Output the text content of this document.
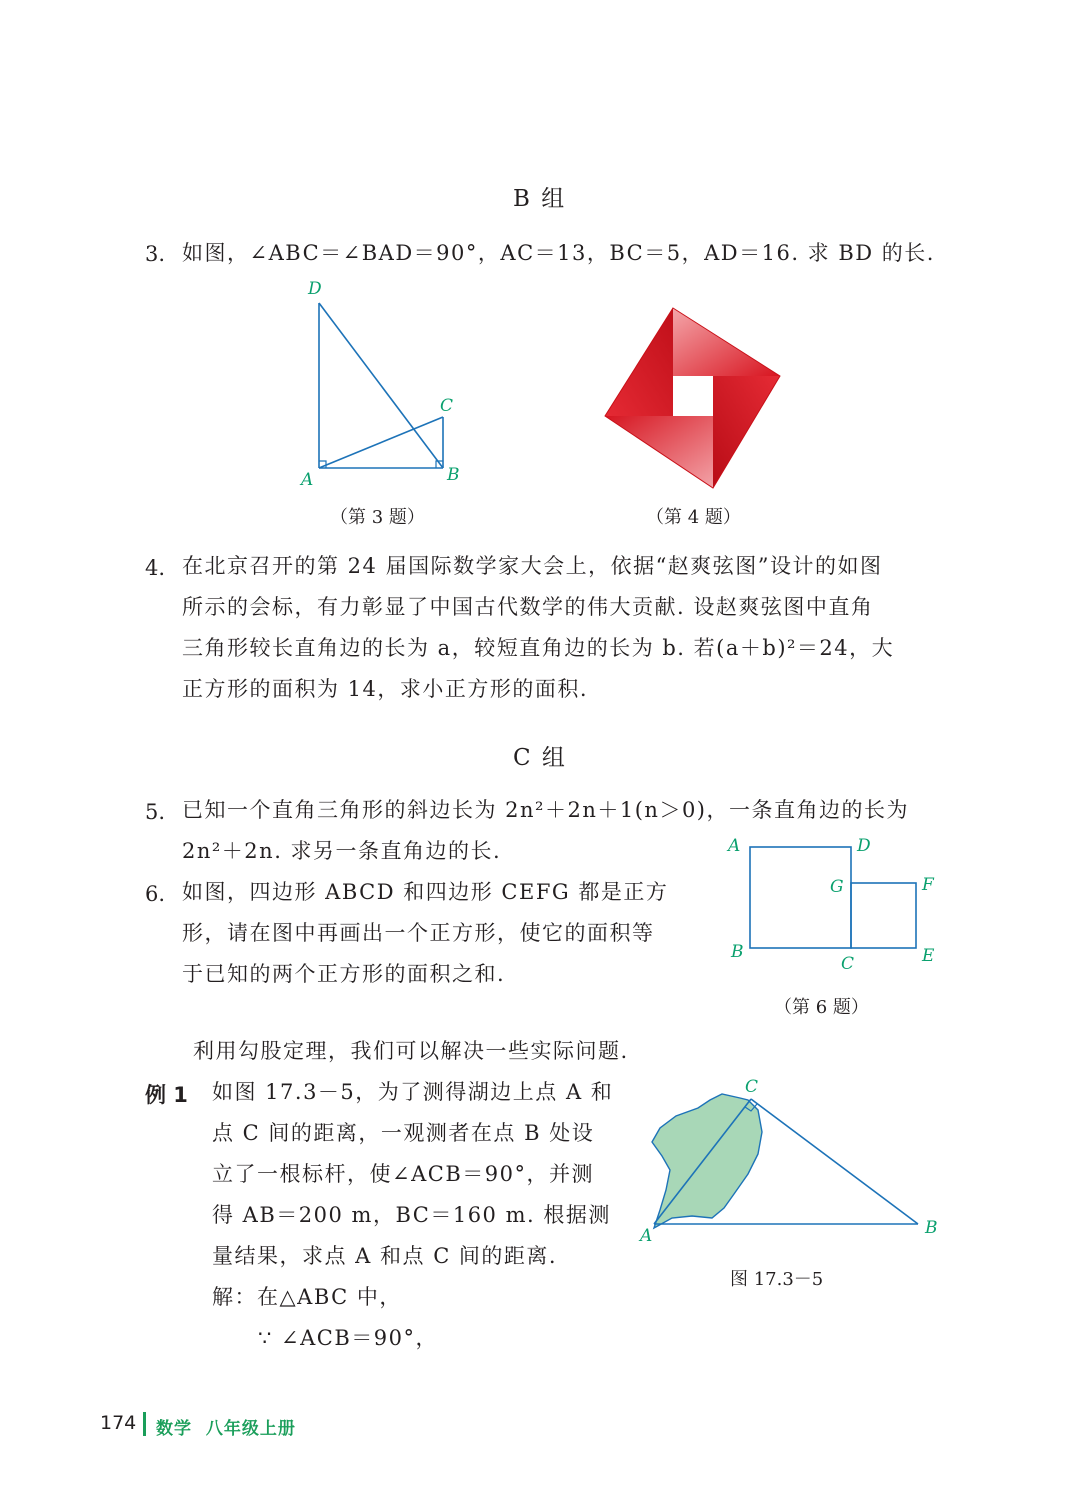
B 组
3. 如图，∠ABC＝∠BAD＝90°，AC＝13，BC＝5，AD＝16. 求 BD 的长.
D
C
A	B
（第 3 题）	（第 4 题）
4. 在北京召开的第 24 届国际数学家大会上，依据“赵爽弦图”设计的如图
所示的会标，有力彰显了中国古代数学的伟大贡献. 设赵爽弦图中直角
三角形较长直角边的长为 a，较短直角边的长为 b. 若(a＋b)²＝24，大
正方形的面积为 14，求小正方形的面积.
C 组
5. 已知一个直角三角形的斜边长为 2n²＋2n＋1(n＞0)，一条直角边的长为
2n²＋2n. 求另一条直角边的长.
6. 如图，四边形 ABCD 和四边形 CEFG 都是正方
形，请在图中再画出一个正方形，使它的面积等
于已知的两个正方形的面积之和.
A	D
G	F
B
C	E
（第 6 题）
利用勾股定理，我们可以解决一些实际问题.
例 1 如图 17.3－5，为了测得湖边上点 A 和
点 C 间的距离，一观测者在点 B 处设
立了一根标杆，使∠ACB＝90°，并测
得 AB＝200 m，BC＝160 m. 根据测
量结果，求点 A 和点 C 间的距离.
解：在△ABC 中，
∵ ∠ACB＝90°，
C
A	B
图 17.3－5
174 数学  八年级上册
